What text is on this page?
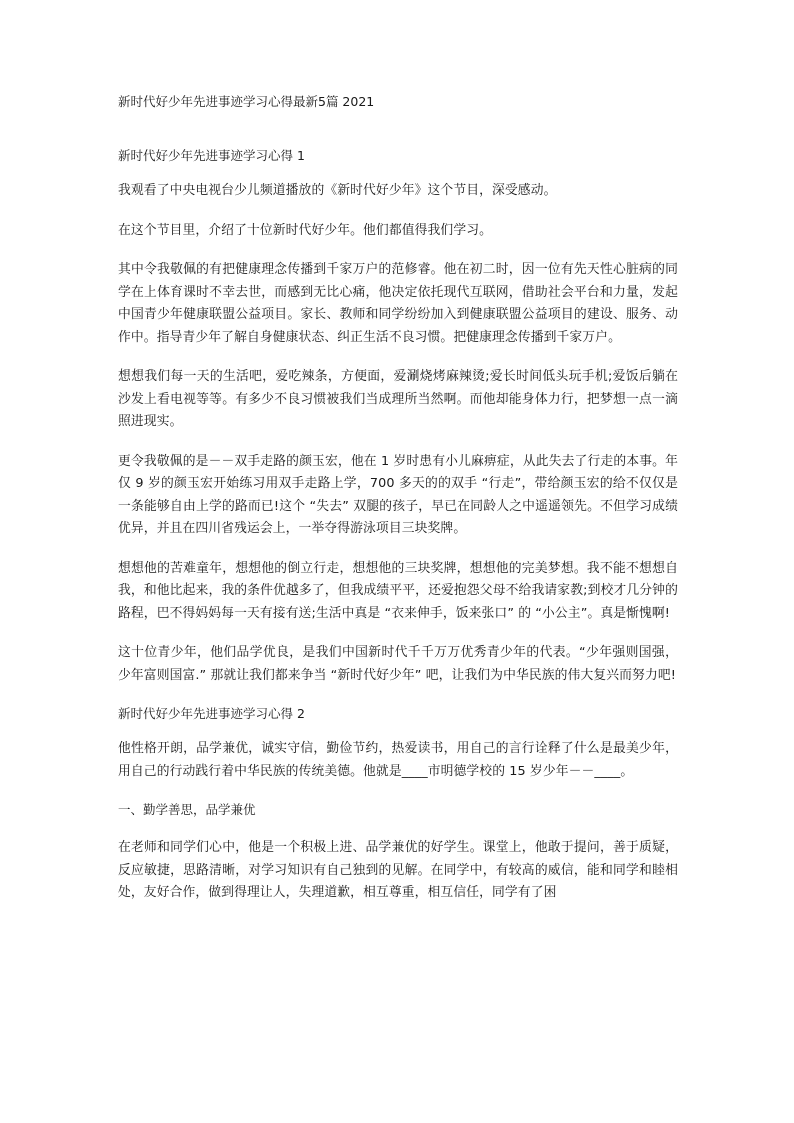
新时代好少年先进事迹学习心得最新5篇 2021
新时代好少年先进事迹学习心得 1

我观看了中央电视台少儿频道播放的《新时代好少年》这个节目，深受感动。

在这个节目里，介绍了十位新时代好少年。他们都值得我们学习。

其中令我敬佩的有把健康理念传播到千家万户的范修睿。他在初二时，因一位有先天性心脏病的同学在上体育课时不幸去世，而感到无比心痛，他决定依托现代互联网，借助社会平台和力量，发起中国青少年健康联盟公益项目。家长、教师和同学纷纷加入到健康联盟公益项目的建设、服务、动作中。指导青少年了解自身健康状态、纠正生活不良习惯。把健康理念传播到千家万户。

想想我们每一天的生活吧，爱吃辣条，方便面，爱涮烧烤麻辣烫;爱长时间低头玩手机;爱饭后躺在沙发上看电视等等。有多少不良习惯被我们当成理所当然啊。而他却能身体力行，把梦想一点一滴照进现实。

更令我敬佩的是－－双手走路的颜玉宏，他在 1 岁时患有小儿麻痹症，从此失去了行走的本事。年仅 9 岁的颜玉宏开始练习用双手走路上学，700 多天的的双手 “行走”，带给颜玉宏的给不仅仅是一条能够自由上学的路而已!这个 “失去” 双腿的孩子，早已在同龄人之中遥遥领先。不但学习成绩优异，并且在四川省残运会上，一举夺得游泳项目三块奖牌。

想想他的苦难童年，想想他的倒立行走，想想他的三块奖牌，想想他的完美梦想。我不能不想想自我，和他比起来，我的条件优越多了，但我成绩平平，还爱抱怨父母不给我请家教;到校才几分钟的路程，巴不得妈妈每一天有接有送;生活中真是 “衣来伸手，饭来张口” 的 “小公主”。真是惭愧啊!

这十位青少年，他们品学优良，是我们中国新时代千千万万优秀青少年的代表。“少年强则国强，少年富则国富.” 那就让我们都来争当 “新时代好少年” 吧，让我们为中华民族的伟大复兴而努力吧!

新时代好少年先进事迹学习心得 2

他性格开朗，品学兼优，诚实守信，勤俭节约，热爱读书，用自己的言行诠释了什么是最美少年，用自己的行动践行着中华民族的传统美德。他就是____市明德学校的 15 岁少年－－____。

一、勤学善思，品学兼优

在老师和同学们心中，他是一个积极上进、品学兼优的好学生。课堂上，他敢于提问，善于质疑，反应敏捷，思路清晰，对学习知识有自己独到的见解。在同学中，有较高的威信，能和同学和睦相处，友好合作，做到得理让人，失理道歉，相互尊重，相互信任，同学有了困
